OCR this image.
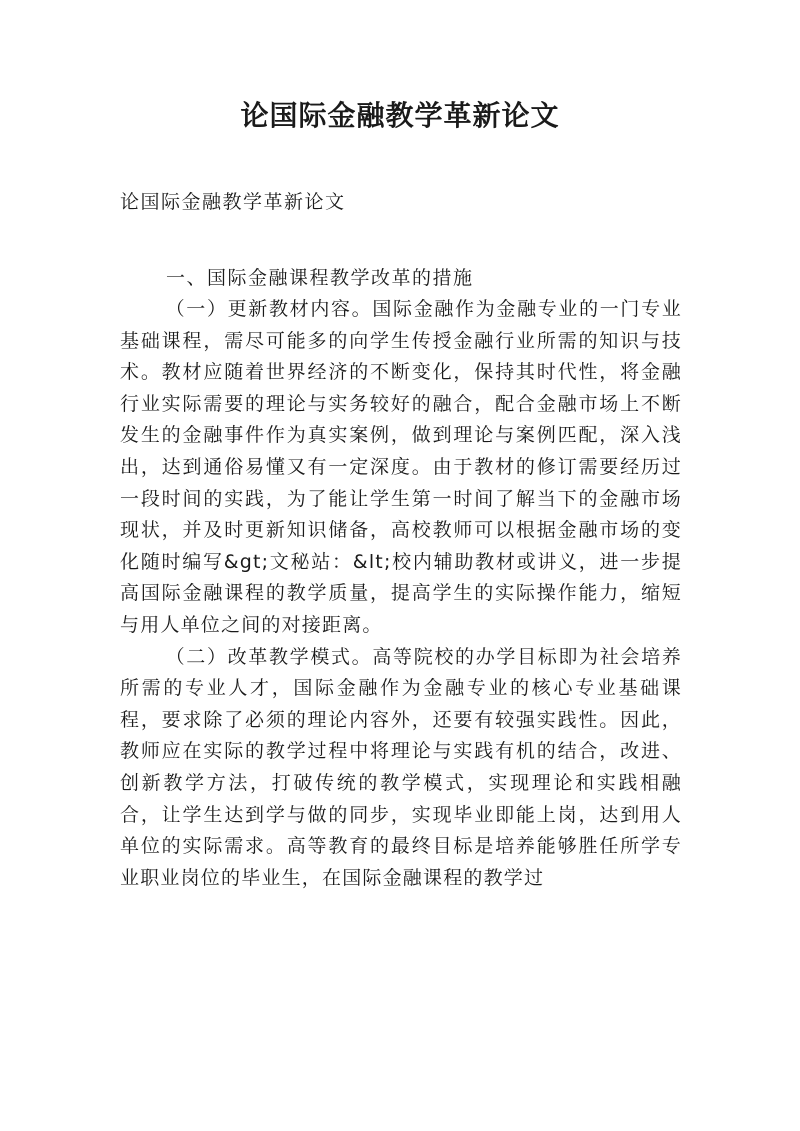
论国际金融教学革新论文

论国际金融教学革新论文

一、国际金融课程教学改革的措施

（一）更新教材内容。国际金融作为金融专业的一门专业基础课程，需尽可能多的向学生传授金融行业所需的知识与技术。教材应随着世界经济的不断变化，保持其时代性，将金融行业实际需要的理论与实务较好的融合，配合金融市场上不断发生的金融事件作为真实案例，做到理论与案例匹配，深入浅出，达到通俗易懂又有一定深度。由于教材的修订需要经历过一段时间的实践，为了能让学生第一时间了解当下的金融市场现状，并及时更新知识储备，高校教师可以根据金融市场的变化随时编写&gt;文秘站：&lt;校内辅助教材或讲义，进一步提高国际金融课程的教学质量，提高学生的实际操作能力，缩短与用人单位之间的对接距离。

（二）改革教学模式。高等院校的办学目标即为社会培养所需的专业人才，国际金融作为金融专业的核心专业基础课程，要求除了必须的理论内容外，还要有较强实践性。因此，教师应在实际的教学过程中将理论与实践有机的结合，改进、创新教学方法，打破传统的教学模式，实现理论和实践相融合，让学生达到学与做的同步，实现毕业即能上岗，达到用人单位的实际需求。高等教育的最终目标是培养能够胜任所学专业职业岗位的毕业生，在国际金融课程的教学过
